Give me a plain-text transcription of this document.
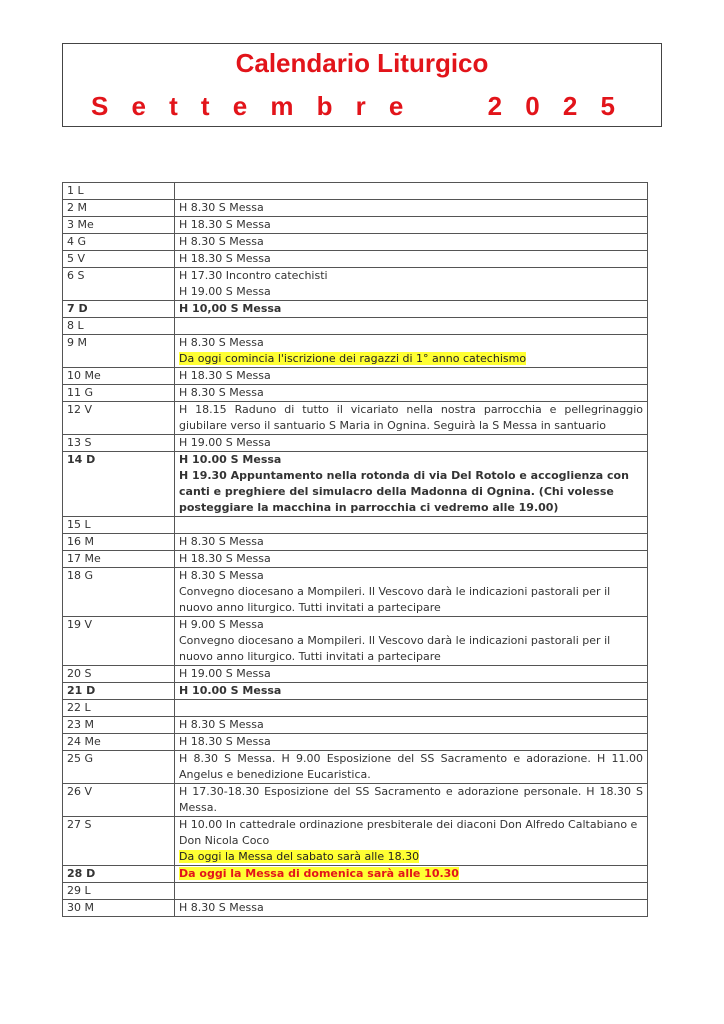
Calendario Liturgico
S e t t e m b r e	2 0 2 5
1 L	
2 M	H 8.30 S Messa

3 Me	H 18.30 S Messa

4 G	H 8.30 S Messa

5 V	H 18.30 S Messa

6 S	H 17.30 Incontro catechisti
H 19.00 S Messa

7 D	H 10,00 S Messa

8 L	
9 M	H 8.30 S Messa
Da oggi comincia l'iscrizione dei ragazzi di 1° anno catechismo

10 Me	H 18.30 S Messa

11 G	H 8.30 S Messa

12 V	H 18.15 Raduno di tutto il vicariato nella nostra parrocchia e pellegrinaggio giubilare verso il santuario S Maria in Ognina. Seguirà la S Messa in santuario

13 S	H 19.00 S Messa

14 D	H 10.00 S Messa
H 19.30 Appuntamento nella rotonda di via Del Rotolo e accoglienza con canti e preghiere del simulacro della Madonna di Ognina. (Chi volesse posteggiare la macchina in parrocchia ci vedremo alle 19.00)

15 L	
16 M	H 8.30 S Messa

17 Me	H 18.30 S Messa

18 G	H 8.30 S Messa
Convegno diocesano a Mompileri. Il Vescovo darà le indicazioni pastorali per il nuovo anno liturgico. Tutti invitati a partecipare

19 V	H 9.00 S Messa
Convegno diocesano a Mompileri. Il Vescovo darà le indicazioni pastorali per il nuovo anno liturgico. Tutti invitati a partecipare

20 S	H 19.00 S Messa

21 D	H 10.00 S Messa

22 L	
23 M	H 8.30 S Messa

24 Me	H 18.30 S Messa

25 G	H 8.30 S Messa. H 9.00 Esposizione del SS Sacramento e adorazione. H 11.00 Angelus e benedizione Eucaristica.

26 V	H 17.30-18.30 Esposizione del SS Sacramento e adorazione personale. H 18.30 S Messa.

27 S	H 10.00 In cattedrale ordinazione presbiterale dei diaconi Don Alfredo Caltabiano e Don Nicola Coco
Da oggi la Messa del sabato sarà alle 18.30

28 D	Da oggi la Messa di domenica sarà alle 10.30

29 L	
30 M	H 8.30 S Messa
